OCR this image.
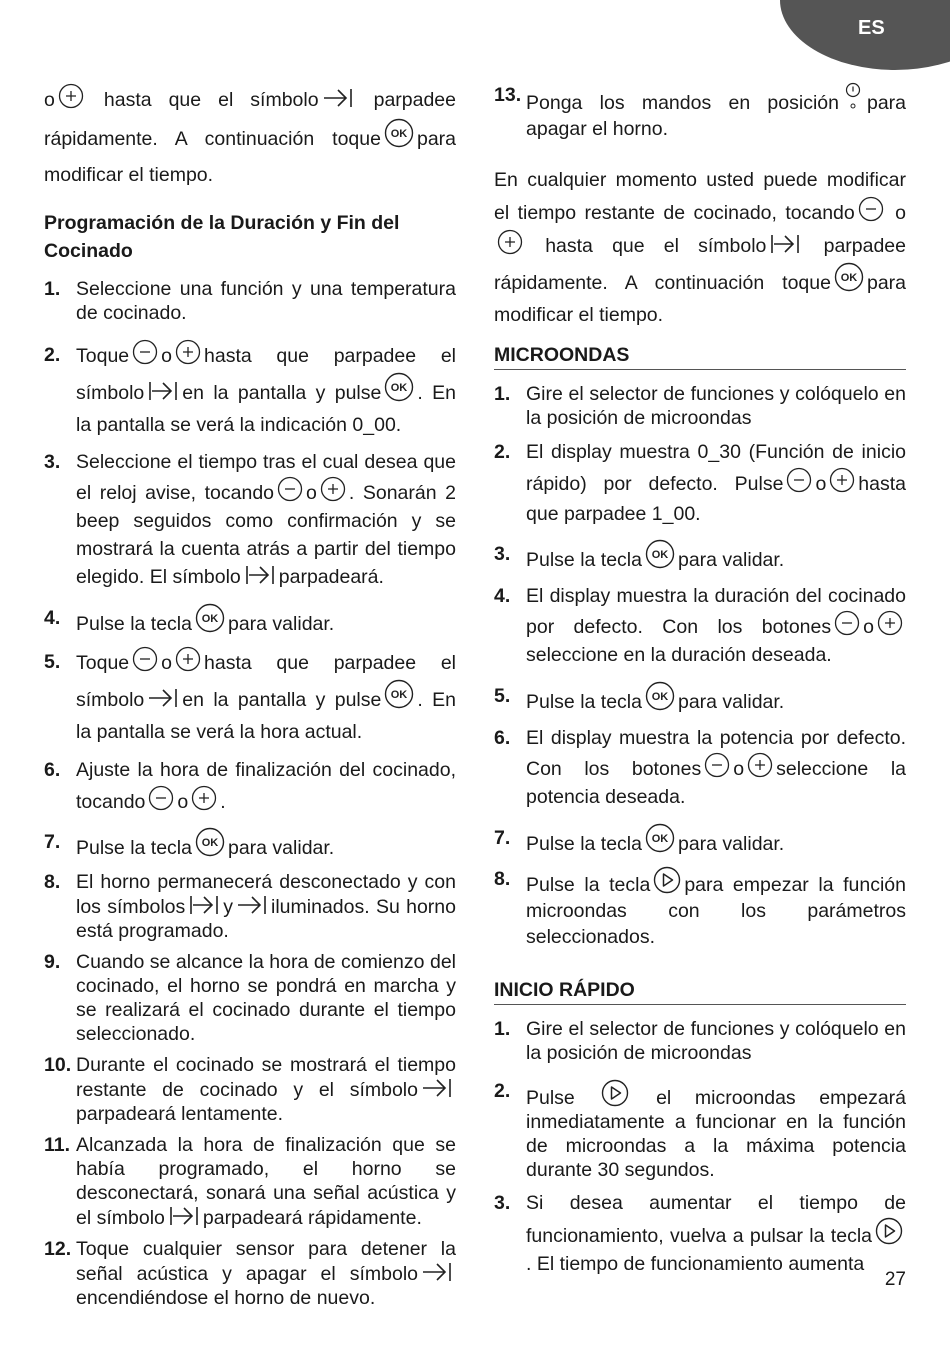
ES

o	hasta que el símbolo	parpadee rápidamente. A continuación toque OK para modificar el tiempo.

Programación de la Duración y Fin del Cocinado
1. Seleccione una función y una temperatura de cocinado.
2. Toque o hasta que parpadee el símbolo en la pantalla y pulse OK . En la pantalla se verá la indicación 0_00.
3. Seleccione el tiempo tras el cual desea que el reloj avise, tocando o . Sonarán 2 beep seguidos como confirmación y se mostrará la cuenta atrás a partir del tiempo elegido. El símbolo parpadeará.
4. Pulse la tecla OK para validar.
5. Toque o hasta que parpadee el símbolo en la pantalla y pulse OK . En la pantalla se verá la hora actual.
6. Ajuste la hora de finalización del cocinado, tocando o .
7. Pulse la tecla OK para validar.
8. El horno permanecerá desconectado y con los símbolos y iluminados. Su horno está programado.
9. Cuando se alcance la hora de comienzo del cocinado, el horno se pondrá en marcha y se realizará el cocinado durante el tiempo seleccionado.
10. Durante el cocinado se mostrará el tiempo restante de cocinado y el símbolo
parpadeará lentamente.
11. Alcanzada la hora de finalización que se había programado, el horno se desconectará, sonará una señal acústica y el símbolo parpadeará rápidamente.
12. Toque cualquier sensor para detener la señal acústica y apagar el símbolo
encendiéndose el horno de nuevo.
13. Ponga los mandos en posición para apagar el horno.

En cualquier momento usted puede modificar el tiempo restante de cocinado, tocando o
hasta que el símbolo	parpadee rápidamente. A continuación toque OK para modificar el tiempo.

MICROONDAS
1. Gire el selector de funciones y colóquelo en la posición de microondas
2. El display muestra 0_30 (Función de inicio rápido) por defecto. Pulse o hasta que parpadee 1_00.
3. Pulse la tecla OK para validar.
4. El display muestra la duración del cocinado por defecto. Con los botones o
seleccione en la duración deseada.
5. Pulse la tecla OK para validar.
6. El display muestra la potencia por defecto. Con los botones o seleccione la potencia deseada.
7. Pulse la tecla OK para validar.
8. Pulse la tecla para empezar la función microondas con los parámetros seleccionados.
INICIO RÁPIDO
1. Gire el selector de funciones y colóquelo en la posición de microondas
2. Pulse	el microondas empezará inmediatamente a funcionar en la función de microondas a la máxima potencia durante 30 segundos.
3. Si desea aumentar el tiempo de funcionamiento, vuelva a pulsar la tecla
. El tiempo de funcionamiento aumenta
27
